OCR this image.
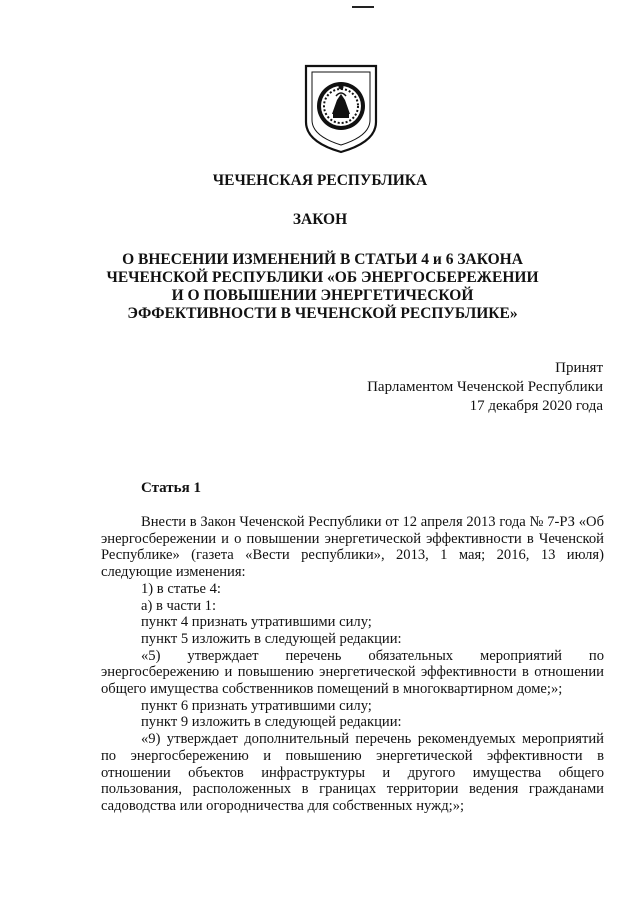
ЧЕЧЕНСКАЯ РЕСПУБЛИКА
ЗАКОН
О ВНЕСЕНИИ ИЗМЕНЕНИЙ В СТАТЬИ 4 и 6 ЗАКОНА ЧЕЧЕНСКОЙ РЕСПУБЛИКИ «ОБ ЭНЕРГОСБЕРЕЖЕНИИ И О ПОВЫШЕНИИ ЭНЕРГЕТИЧЕСКОЙ ЭФФЕКТИВНОСТИ В ЧЕЧЕНСКОЙ РЕСПУБЛИКЕ»
Принят
Парламентом Чеченской Республики
17 декабря 2020 года
Статья 1

Внести в Закон Чеченской Республики от 12 апреля 2013 года № 7-РЗ «Об энергосбережении и о повышении энергетической эффективности в Чеченской Республике» (газета «Вести республики», 2013, 1 мая; 2016, 13 июля) следующие изменения:

1) в статье 4:

а) в части 1:

пункт 4 признать утратившими силу;

пункт 5 изложить в следующей редакции:

«5) утверждает перечень обязательных мероприятий по энергосбережению и повышению энергетической эффективности в отношении общего имущества собственников помещений в многоквартирном доме;»;

пункт 6 признать утратившими силу;

пункт 9 изложить в следующей редакции:

«9) утверждает дополнительный перечень рекомендуемых мероприятий по энергосбережению и повышению энергетической эффективности в отношении объектов инфраструктуры и другого имущества общего пользования, расположенных в границах территории ведения гражданами садоводства или огородничества для собственных нужд;»;
